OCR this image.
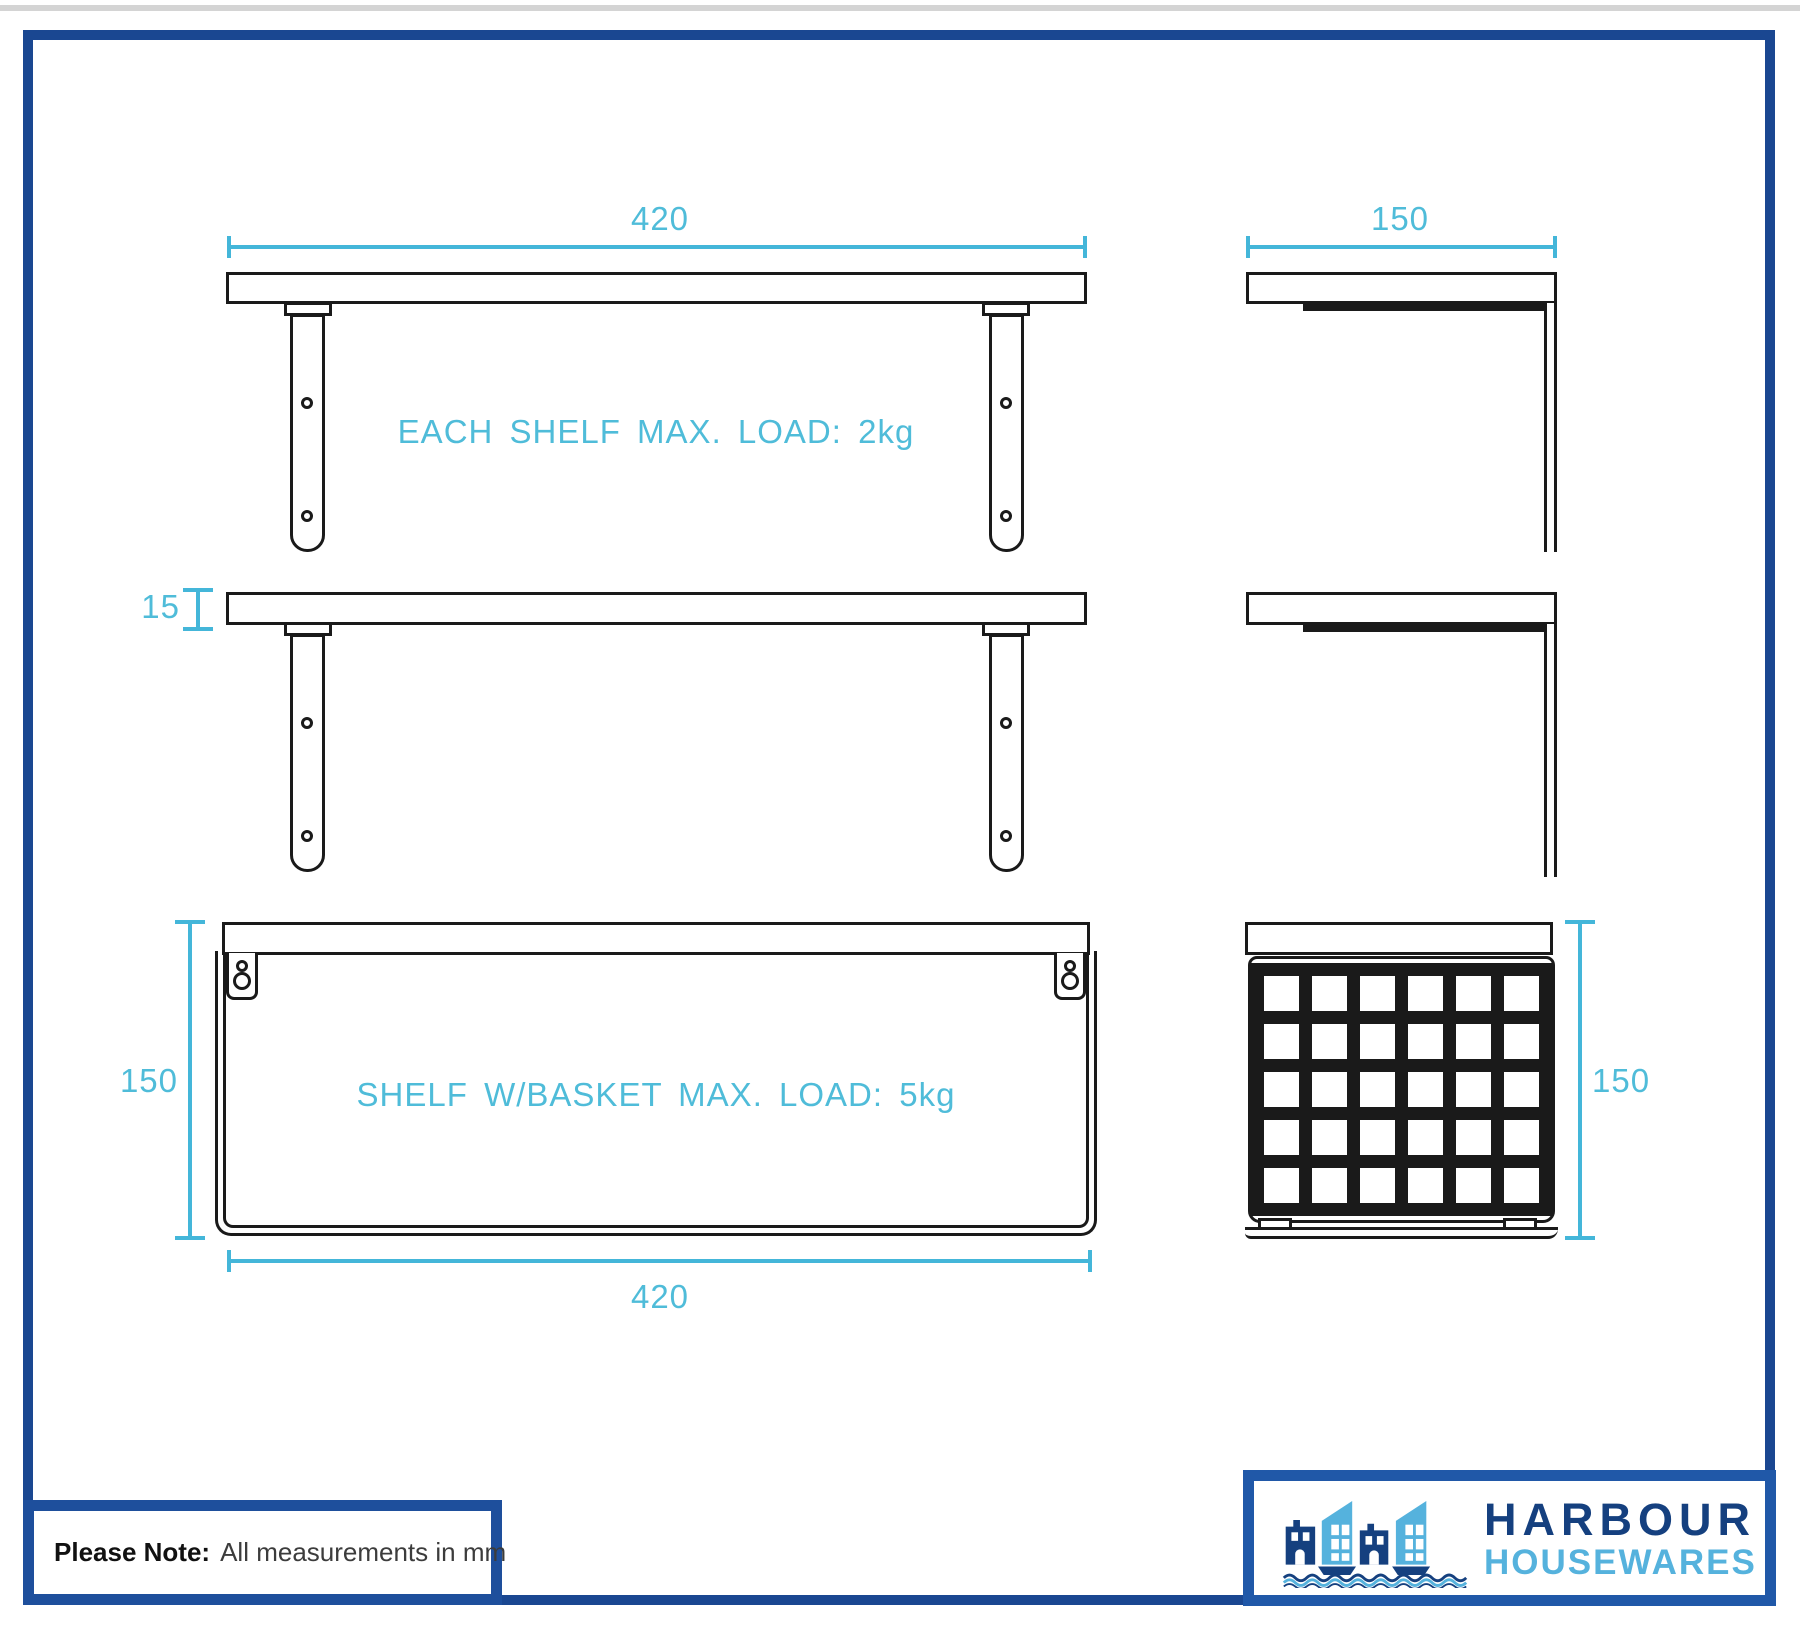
420
EACH SHELF MAX. LOAD: 2kg
150
15
SHELF W/BASKET MAX. LOAD: 5kg
150
420
150
Please Note: All measurements in mm
HARBOUR
HOUSEWARES
